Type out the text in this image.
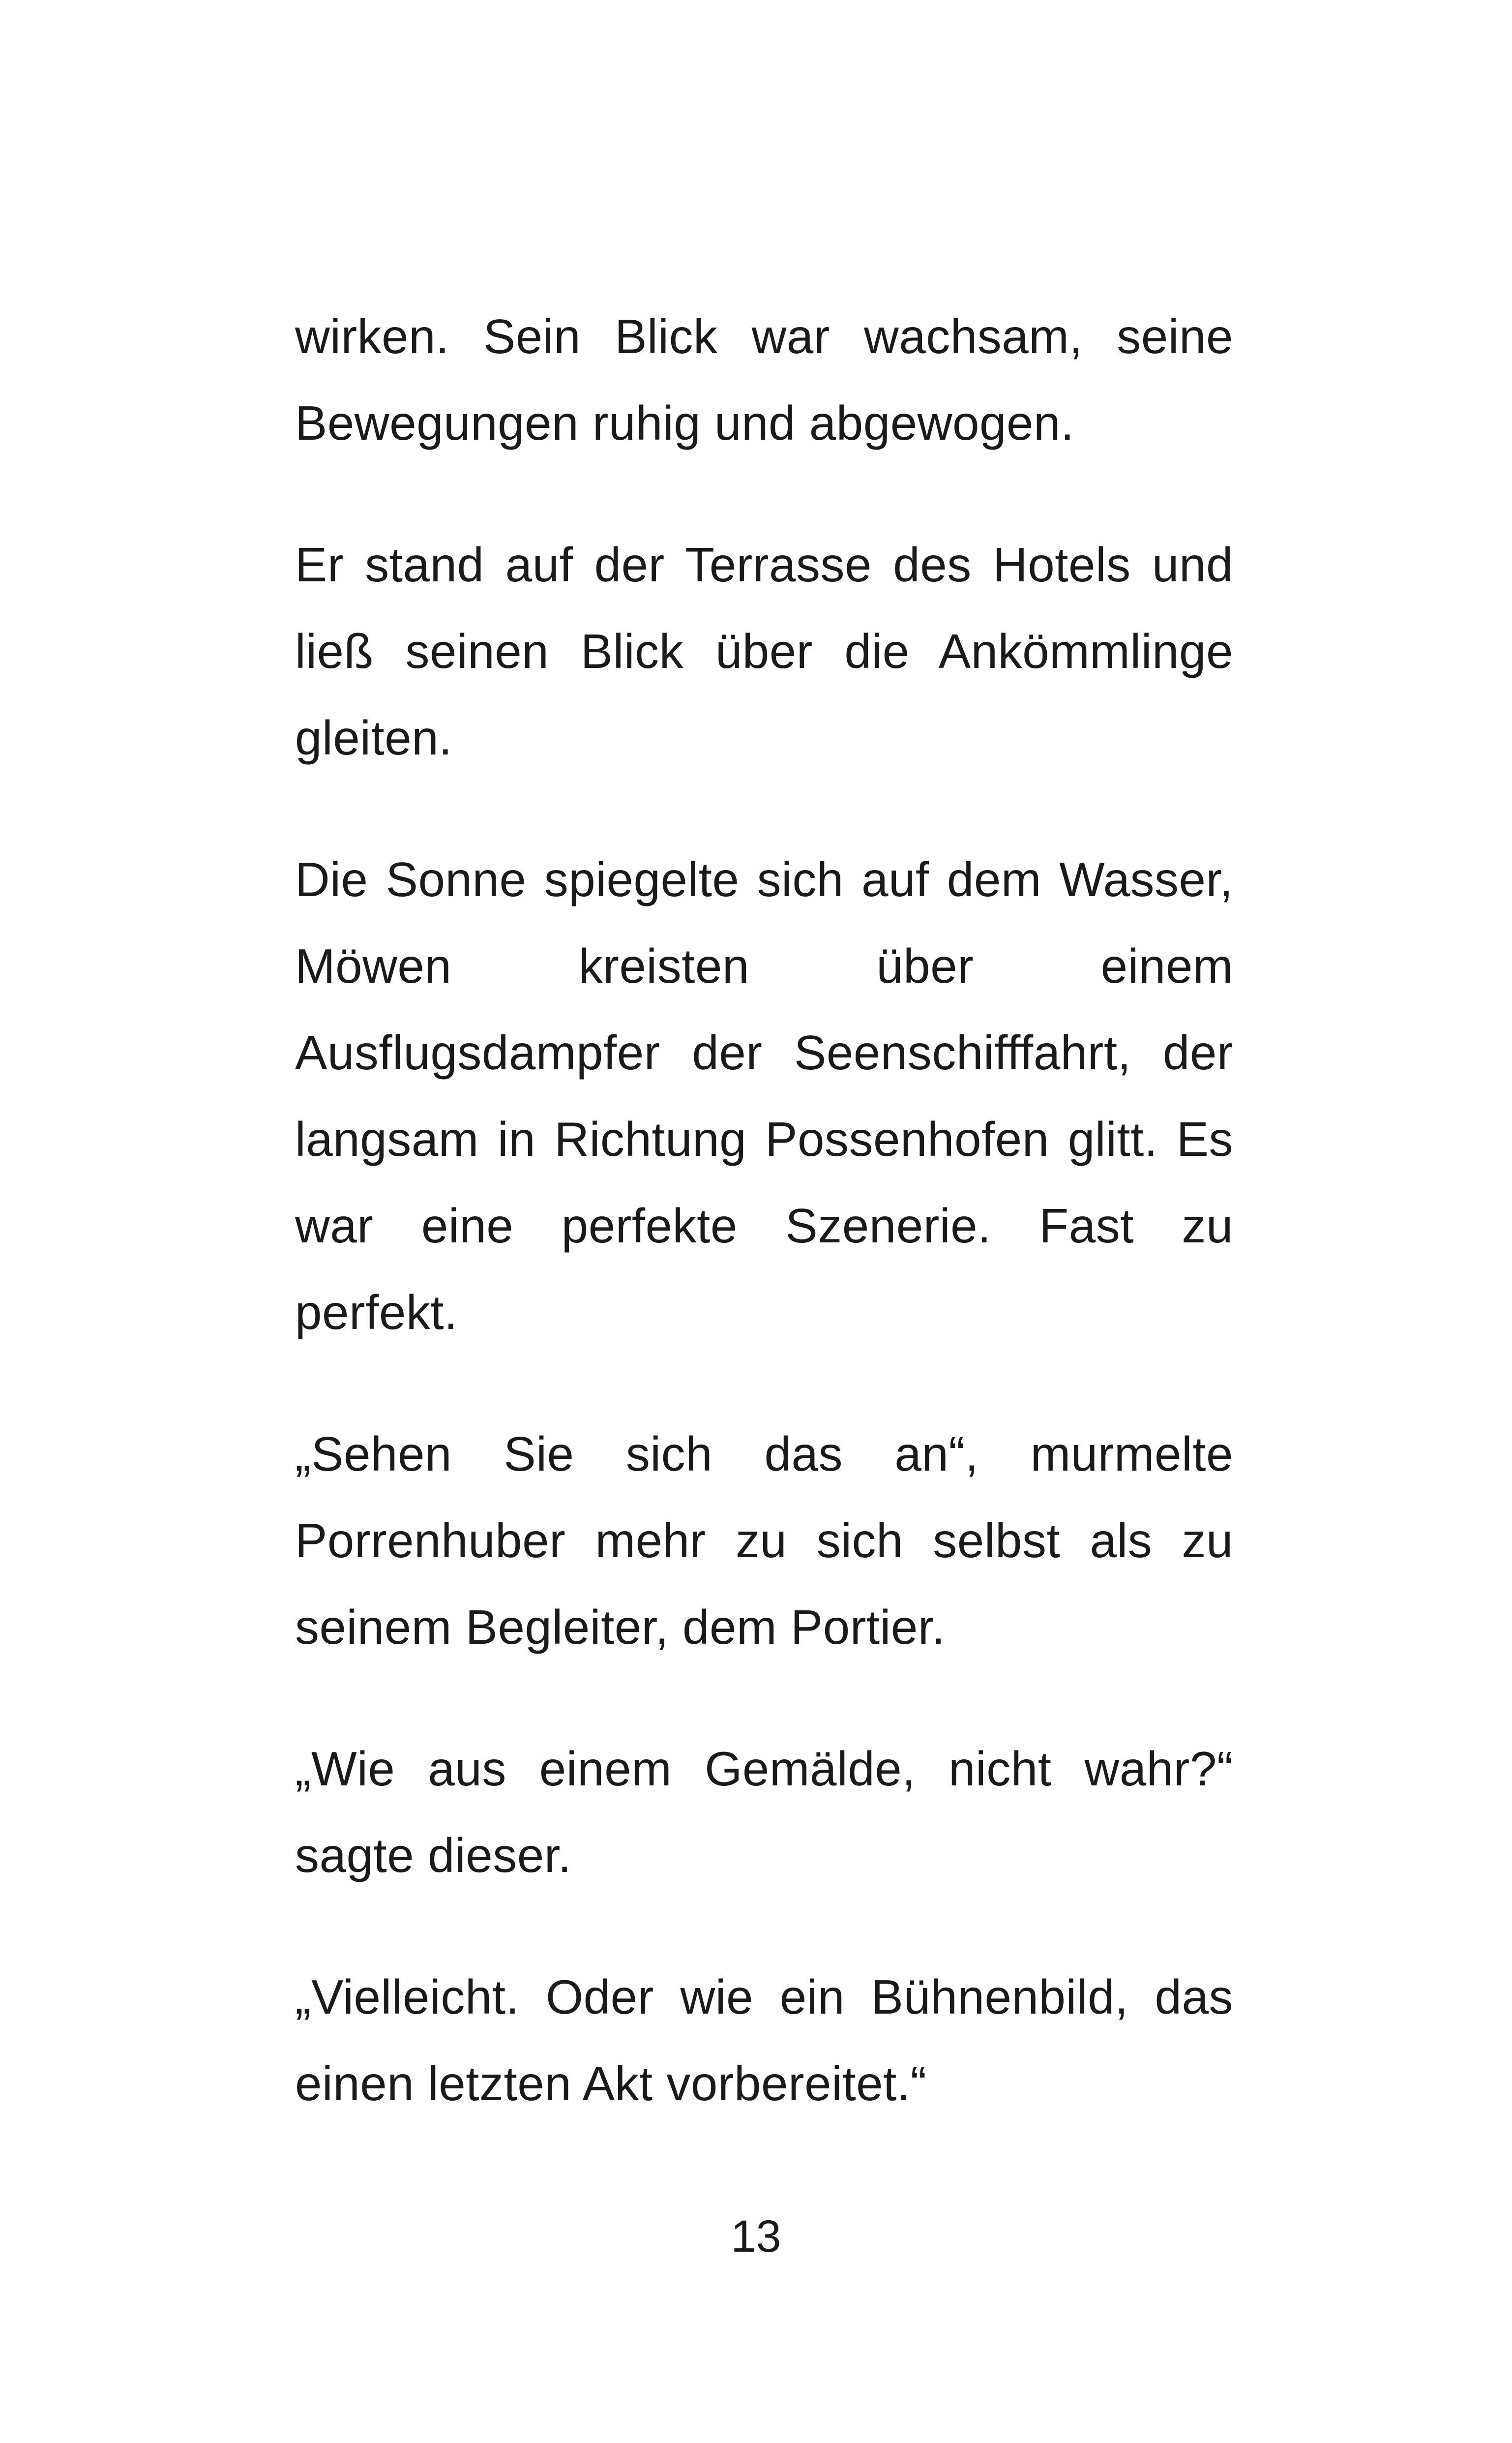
wirken. Sein Blick war wachsam, seine Bewegungen ruhig und abgewogen.

Er stand auf der Terrasse des Hotels und ließ seinen Blick über die Ankömmlinge gleiten.

Die Sonne spiegelte sich auf dem Wasser, Möwen kreisten über einem Ausflugsdampfer der Seenschifffahrt, der langsam in Richtung Possenhofen glitt. Es war eine perfekte Szenerie. Fast zu perfekt.

„Sehen Sie sich das an“, murmelte Porrenhuber mehr zu sich selbst als zu seinem Begleiter, dem Portier.

„Wie aus einem Gemälde, nicht wahr?“ sagte dieser.

„Vielleicht. Oder wie ein Bühnenbild, das einen letzten Akt vorbereitet.“

13
